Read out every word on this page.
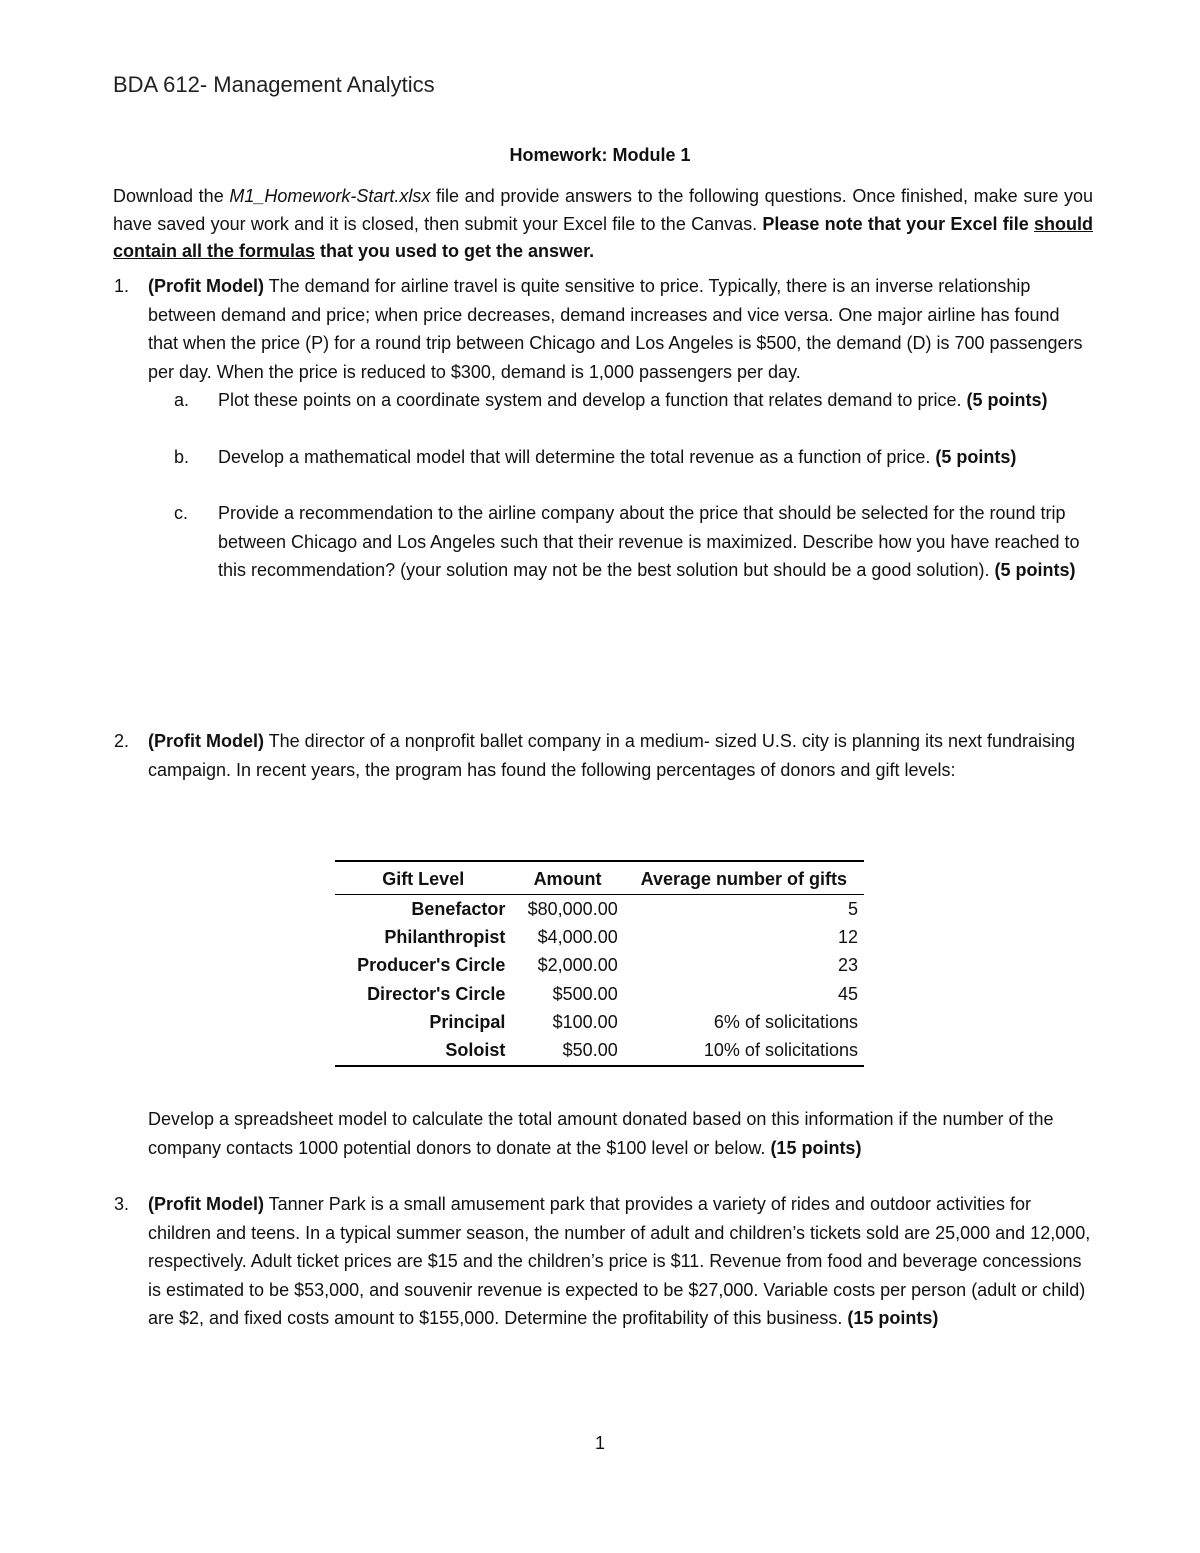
BDA 612- Management Analytics
Homework: Module 1
Download the M1_Homework-Start.xlsx file and provide answers to the following questions. Once finished, make sure you have saved your work and it is closed, then submit your Excel file to the Canvas. Please note that your Excel file should contain all the formulas that you used to get the answer.
1. (Profit Model) The demand for airline travel is quite sensitive to price. Typically, there is an inverse relationship between demand and price; when price decreases, demand increases and vice versa. One major airline has found that when the price (P) for a round trip between Chicago and Los Angeles is $500, the demand (D) is 700 passengers per day. When the price is reduced to $300, demand is 1,000 passengers per day.
a. Plot these points on a coordinate system and develop a function that relates demand to price. (5 points)
b. Develop a mathematical model that will determine the total revenue as a function of price. (5 points)
c. Provide a recommendation to the airline company about the price that should be selected for the round trip between Chicago and Los Angeles such that their revenue is maximized. Describe how you have reached to this recommendation? (your solution may not be the best solution but should be a good solution). (5 points)
2. (Profit Model) The director of a nonprofit ballet company in a medium- sized U.S. city is planning its next fundraising campaign. In recent years, the program has found the following percentages of donors and gift levels:
Gift Level	Amount	Average number of gifts
Benefactor	$80,000.00	5
Philanthropist	$4,000.00	12
Producer's Circle	$2,000.00	23
Director's Circle	$500.00	45
Principal	$100.00	6% of solicitations
Soloist	$50.00	10% of solicitations
Develop a spreadsheet model to calculate the total amount donated based on this information if the number of the company contacts 1000 potential donors to donate at the $100 level or below. (15 points)
3. (Profit Model) Tanner Park is a small amusement park that provides a variety of rides and outdoor activities for children and teens. In a typical summer season, the number of adult and children’s tickets sold are 25,000 and 12,000, respectively. Adult ticket prices are $15 and the children’s price is $11. Revenue from food and beverage concessions is estimated to be $53,000, and souvenir revenue is expected to be $27,000. Variable costs per person (adult or child) are $2, and fixed costs amount to $155,000. Determine the profitability of this business. (15 points)
1
